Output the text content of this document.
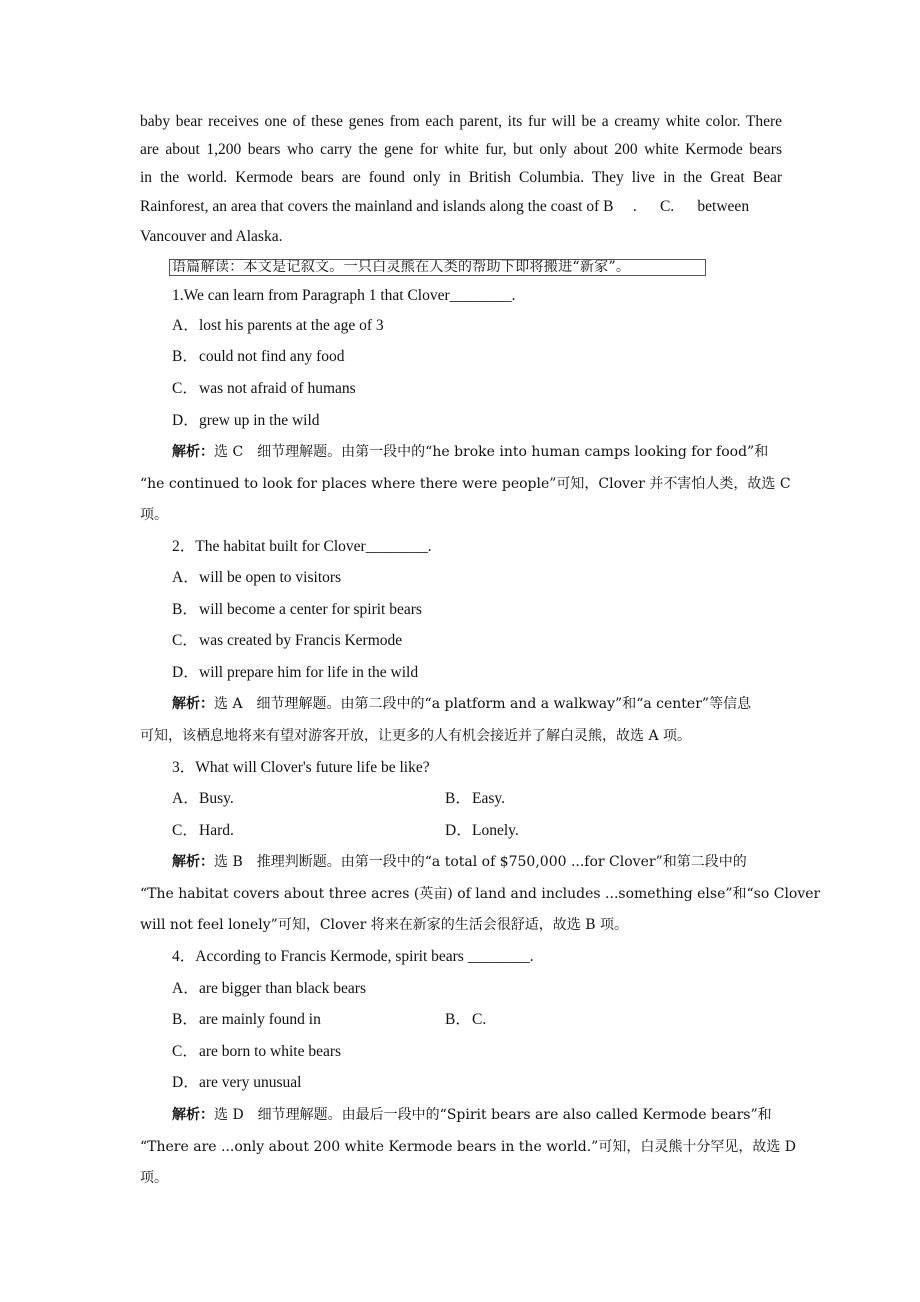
baby bear receives one of these genes from each parent, its fur will be a creamy white color. There
are about 1,200 bears who carry the gene for white fur, but only about 200 white Kermode bears
in the world. Kermode bears are found only in British Columbia. They live in the Great Bear
Rainforest, an area that covers the mainland and islands along the coast of B     .      C.      between
Vancouver and Alaska.
语篇解读：本文是记叙文。一只白灵熊在人类的帮助下即将搬进“新家”。
1.We can learn from Paragraph 1 that Clover________.
A．lost his parents at the age of 3
B．could not find any food
C．was not afraid of humans
D．grew up in the wild
解析：选 C　细节理解题。由第一段中的“he broke into human camps looking for food”和
“he continued to look for places where there were people”可知，Clover 并不害怕人类，故选 C
项。
2．The habitat built for Clover________.
A．will be open to visitors
B．will become a center for spirit bears
C．was created by Francis Kermode
D．will prepare him for life in the wild
解析：选 A　细节理解题。由第二段中的“a platform and a walkway”和“a center”等信息
可知，该栖息地将来有望对游客开放，让更多的人有机会接近并了解白灵熊，故选 A 项。
3．What will Clover's future life be like?
A．Busy.	B．Easy.
C．Hard.	D．Lonely.
解析：选 B　推理判断题。由第一段中的“a total of $750,000 ...for Clover”和第二段中的
“The habitat covers about three acres (英亩) of land and includes ...something else”和“so Clover
will not feel lonely”可知，Clover 将来在新家的生活会很舒适，故选 B 项。
4．According to Francis Kermode, spirit bears ________.
A．are bigger than black bears
B．are mainly found in	B．C.
C．are born to white bears
D．are very unusual
解析：选 D　细节理解题。由最后一段中的“Spirit bears are also called Kermode bears”和
“There are ...only about 200 white Kermode bears in the world.”可知，白灵熊十分罕见，故选 D
项。
